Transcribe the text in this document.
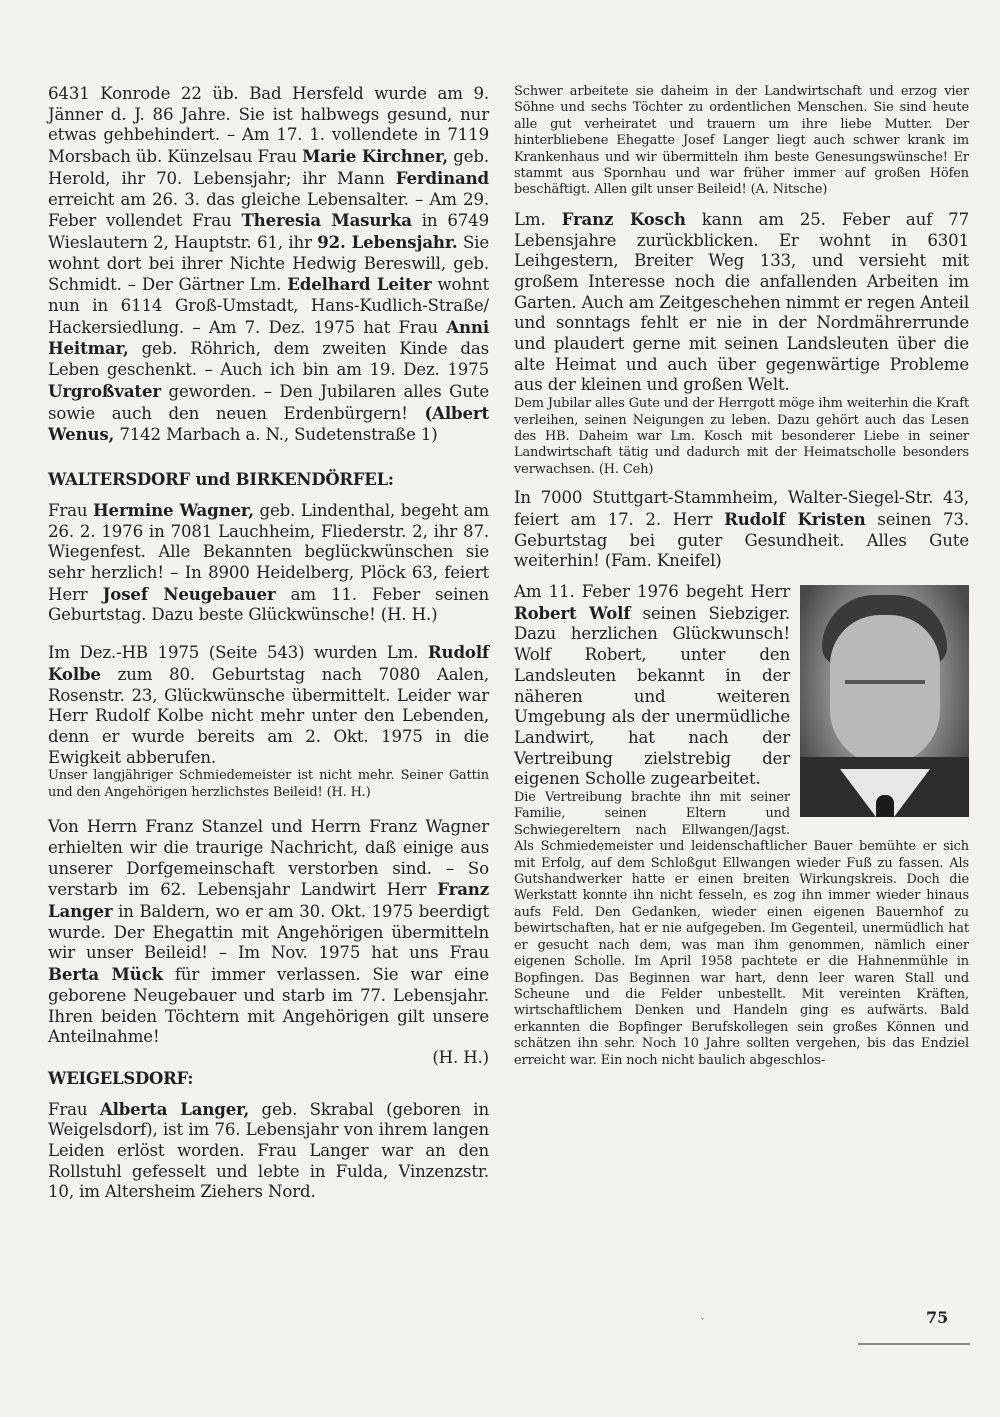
6431 Konrode 22 üb. Bad Hersfeld wurde am 9. Jänner d. J. 86 Jahre. Sie ist halbwegs gesund, nur etwas gehbehindert. – Am 17. 1. vollendete in 7119 Morsbach üb. Künzelsau Frau Marie Kirchner, geb. Herold, ihr 70. Lebensjahr; ihr Mann Ferdinand erreicht am 26. 3. das gleiche Lebensalter. – Am 29. Feber vollendet Frau Theresia Masurka in 6749 Wieslautern 2, Hauptstr. 61, ihr 92. Lebensjahr. Sie wohnt dort bei ihrer Nichte Hedwig Bereswill, geb. Schmidt. – Der Gärtner Lm. Edelhard Leiter wohnt nun in 6114 Groß-Umstadt, Hans-Kudlich-Straße/ Hackersiedlung. – Am 7. Dez. 1975 hat Frau Anni Heitmar, geb. Röhrich, dem zweiten Kinde das Leben geschenkt. – Auch ich bin am 19. Dez. 1975 Urgroßvater geworden. – Den Jubilaren alles Gute sowie auch den neuen Erdenbürgern! (Albert Wenus, 7142 Marbach a. N., Sudetenstraße 1)

WALTERSDORF und BIRKENDÖRFEL:

Frau Hermine Wagner, geb. Lindenthal, begeht am 26. 2. 1976 in 7081 Lauchheim, Fliederstr. 2, ihr 87. Wiegenfest. Alle Bekannten beglückwünschen sie sehr herzlich! – In 8900 Heidelberg, Plöck 63, feiert Herr Josef Neugebauer am 11. Feber seinen Geburtstag. Dazu beste Glückwünsche! (H. H.)

Im Dez.-HB 1975 (Seite 543) wurden Lm. Rudolf Kolbe zum 80. Geburtstag nach 7080 Aalen, Rosenstr. 23, Glückwünsche übermittelt. Leider war Herr Rudolf Kolbe nicht mehr unter den Lebenden, denn er wurde bereits am 2. Okt. 1975 in die Ewigkeit abberufen.

Unser langjähriger Schmiedemeister ist nicht mehr. Seiner Gattin und den Angehörigen herzlichstes Beileid! (H. H.)

Von Herrn Franz Stanzel und Herrn Franz Wagner erhielten wir die traurige Nachricht, daß einige aus unserer Dorfgemeinschaft verstorben sind. – So verstarb im 62. Lebensjahr Landwirt Herr Franz Langer in Baldern, wo er am 30. Okt. 1975 beerdigt wurde. Der Ehegattin mit Angehörigen übermitteln wir unser Beileid! – Im Nov. 1975 hat uns Frau Berta Mück für immer verlassen. Sie war eine geborene Neugebauer und starb im 77. Lebensjahr. Ihren beiden Töchtern mit Angehörigen gilt unsere Anteilnahme!

(H. H.)

WEIGELSDORF:

Frau Alberta Langer, geb. Skrabal (geboren in Weigelsdorf), ist im 76. Lebensjahr von ihrem langen Leiden erlöst worden. Frau Langer war an den Rollstuhl gefesselt und lebte in Fulda, Vinzenzstr. 10, im Altersheim Ziehers Nord.

Schwer arbeitete sie daheim in der Landwirtschaft und erzog vier Söhne und sechs Töchter zu ordentlichen Menschen. Sie sind heute alle gut verheiratet und trauern um ihre liebe Mutter. Der hinterbliebene Ehegatte Josef Langer liegt auch schwer krank im Krankenhaus und wir übermitteln ihm beste Genesungswünsche! Er stammt aus Spornhau und war früher immer auf großen Höfen beschäftigt. Allen gilt unser Beileid! (A. Nitsche)

Lm. Franz Kosch kann am 25. Feber auf 77 Lebensjahre zurückblicken. Er wohnt in 6301 Leihgestern, Breiter Weg 133, und versieht mit großem Interesse noch die anfallenden Arbeiten im Garten. Auch am Zeitgeschehen nimmt er regen Anteil und sonntags fehlt er nie in der Nordmährerrunde und plaudert gerne mit seinen Landsleuten über die alte Heimat und auch über gegenwärtige Probleme aus der kleinen und großen Welt.

Dem Jubilar alles Gute und der Herrgott möge ihm weiterhin die Kraft verleihen, seinen Neigungen zu leben. Dazu gehört auch das Lesen des HB. Daheim war Lm. Kosch mit besonderer Liebe in seiner Landwirtschaft tätig und dadurch mit der Heimatscholle besonders verwachsen. (H. Ceh)

In 7000 Stuttgart-Stammheim, Walter-Siegel-Str. 43, feiert am 17. 2. Herr Rudolf Kristen seinen 73. Geburtstag bei guter Gesundheit. Alles Gute weiterhin! (Fam. Kneifel)

Am 11. Feber 1976 begeht Herr Robert Wolf seinen Siebziger. Dazu herzlichen Glückwunsch! Wolf Robert, unter den Landsleuten bekannt in der näheren und weiteren Umgebung als der unermüdliche Landwirt, hat nach der Vertreibung zielstrebig der eigenen Scholle zugearbeitet.

Die Vertreibung brachte ihn mit seiner Familie, seinen Eltern und Schwiegereltern nach Ellwangen/Jagst. Als Schmiedemeister und leidenschaftlicher Bauer bemühte er sich mit Erfolg, auf dem Schloßgut Ellwangen wieder Fuß zu fassen. Als Gutshandwerker hatte er einen breiten Wirkungskreis. Doch die Werkstatt konnte ihn nicht fesseln, es zog ihn immer wieder hinaus aufs Feld. Den Gedanken, wieder einen eigenen Bauernhof zu bewirtschaften, hat er nie aufgegeben. Im Gegenteil, unermüdlich hat er gesucht nach dem, was man ihm genommen, nämlich einer eigenen Scholle. Im April 1958 pachtete er die Hahnenmühle in Bopfingen. Das Beginnen war hart, denn leer waren Stall und Scheune und die Felder unbestellt. Mit vereinten Kräften, wirtschaftlichem Denken und Handeln ging es aufwärts. Bald erkannten die Bopfinger Berufskollegen sein großes Können und schätzen ihn sehr. Noch 10 Jahre sollten vergehen, bis das Endziel erreicht war. Ein noch nicht baulich abgeschlos-

ˇ	75
